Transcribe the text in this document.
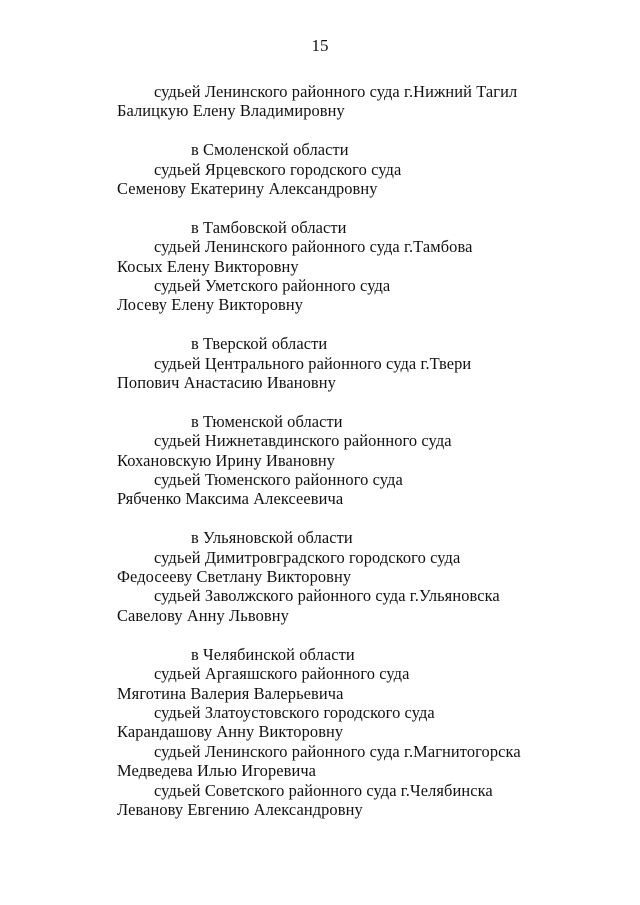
15
судьей Ленинского районного суда г.Нижний Тагил
Балицкую Елену Владимировну
в Смоленской области
судьей Ярцевского городского суда
Семенову Екатерину Александровну
в Тамбовской области
судьей Ленинского районного суда г.Тамбова
Косых Елену Викторовну
судьей Уметского районного суда
Лосеву Елену Викторовну
в Тверской области
судьей Центрального районного суда г.Твери
Попович Анастасию Ивановну
в Тюменской области
судьей Нижнетавдинского районного суда
Кохановскую Ирину Ивановну
судьей Тюменского районного суда
Рябченко Максима Алексеевича
в Ульяновской области
судьей Димитровградского городского суда
Федосееву Светлану Викторовну
судьей Заволжского районного суда г.Ульяновска
Савелову Анну Львовну
в Челябинской области
судьей Аргаяшского районного суда
Мяготина Валерия Валерьевича
судьей Златоустовского городского суда
Карандашову Анну Викторовну
судьей Ленинского районного суда г.Магнитогорска
Медведева Илью Игоревича
судьей Советского районного суда г.Челябинска
Леванову Евгению Александровну
